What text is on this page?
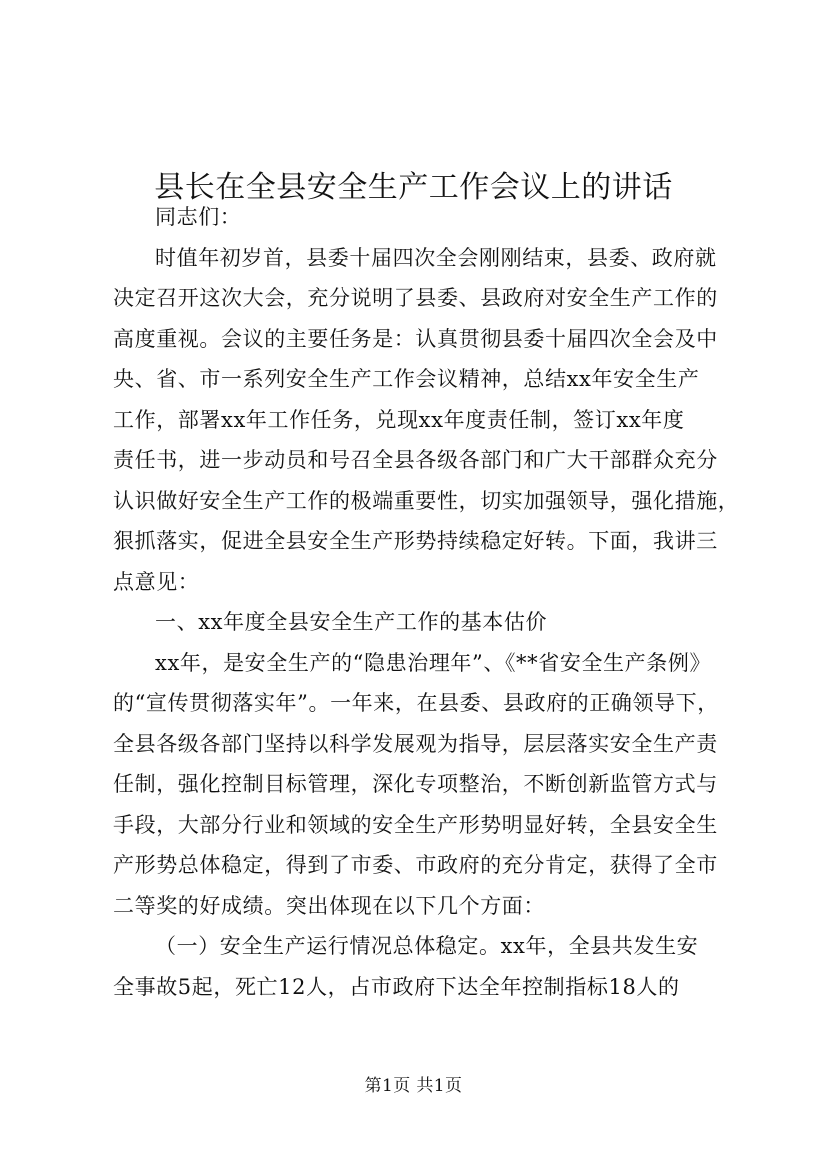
县长在全县安全生产工作会议上的讲话
同志们：
时值年初岁首，县委十届四次全会刚刚结束，县委、政府就
决定召开这次大会，充分说明了县委、县政府对安全生产工作的
高度重视。会议的主要任务是：认真贯彻县委十届四次全会及中
央、省、市一系列安全生产工作会议精神，总结xx年安全生产
工作，部署xx年工作任务，兑现xx年度责任制，签订xx年度
责任书，进一步动员和号召全县各级各部门和广大干部群众充分
认识做好安全生产工作的极端重要性，切实加强领导，强化措施，
狠抓落实，促进全县安全生产形势持续稳定好转。下面，我讲三
点意见：
一、xx年度全县安全生产工作的基本估价
xx年，是安全生产的“隐患治理年”、《**省安全生产条例》
的“宣传贯彻落实年”。一年来，在县委、县政府的正确领导下，
全县各级各部门坚持以科学发展观为指导，层层落实安全生产责
任制，强化控制目标管理，深化专项整治，不断创新监管方式与
手段，大部分行业和领域的安全生产形势明显好转，全县安全生
产形势总体稳定，得到了市委、市政府的充分肯定，获得了全市
二等奖的好成绩。突出体现在以下几个方面：
（一）安全生产运行情况总体稳定。xx年，全县共发生安
全事故5起，死亡12人，占市政府下达全年控制指标18人的
第1页 共1页
